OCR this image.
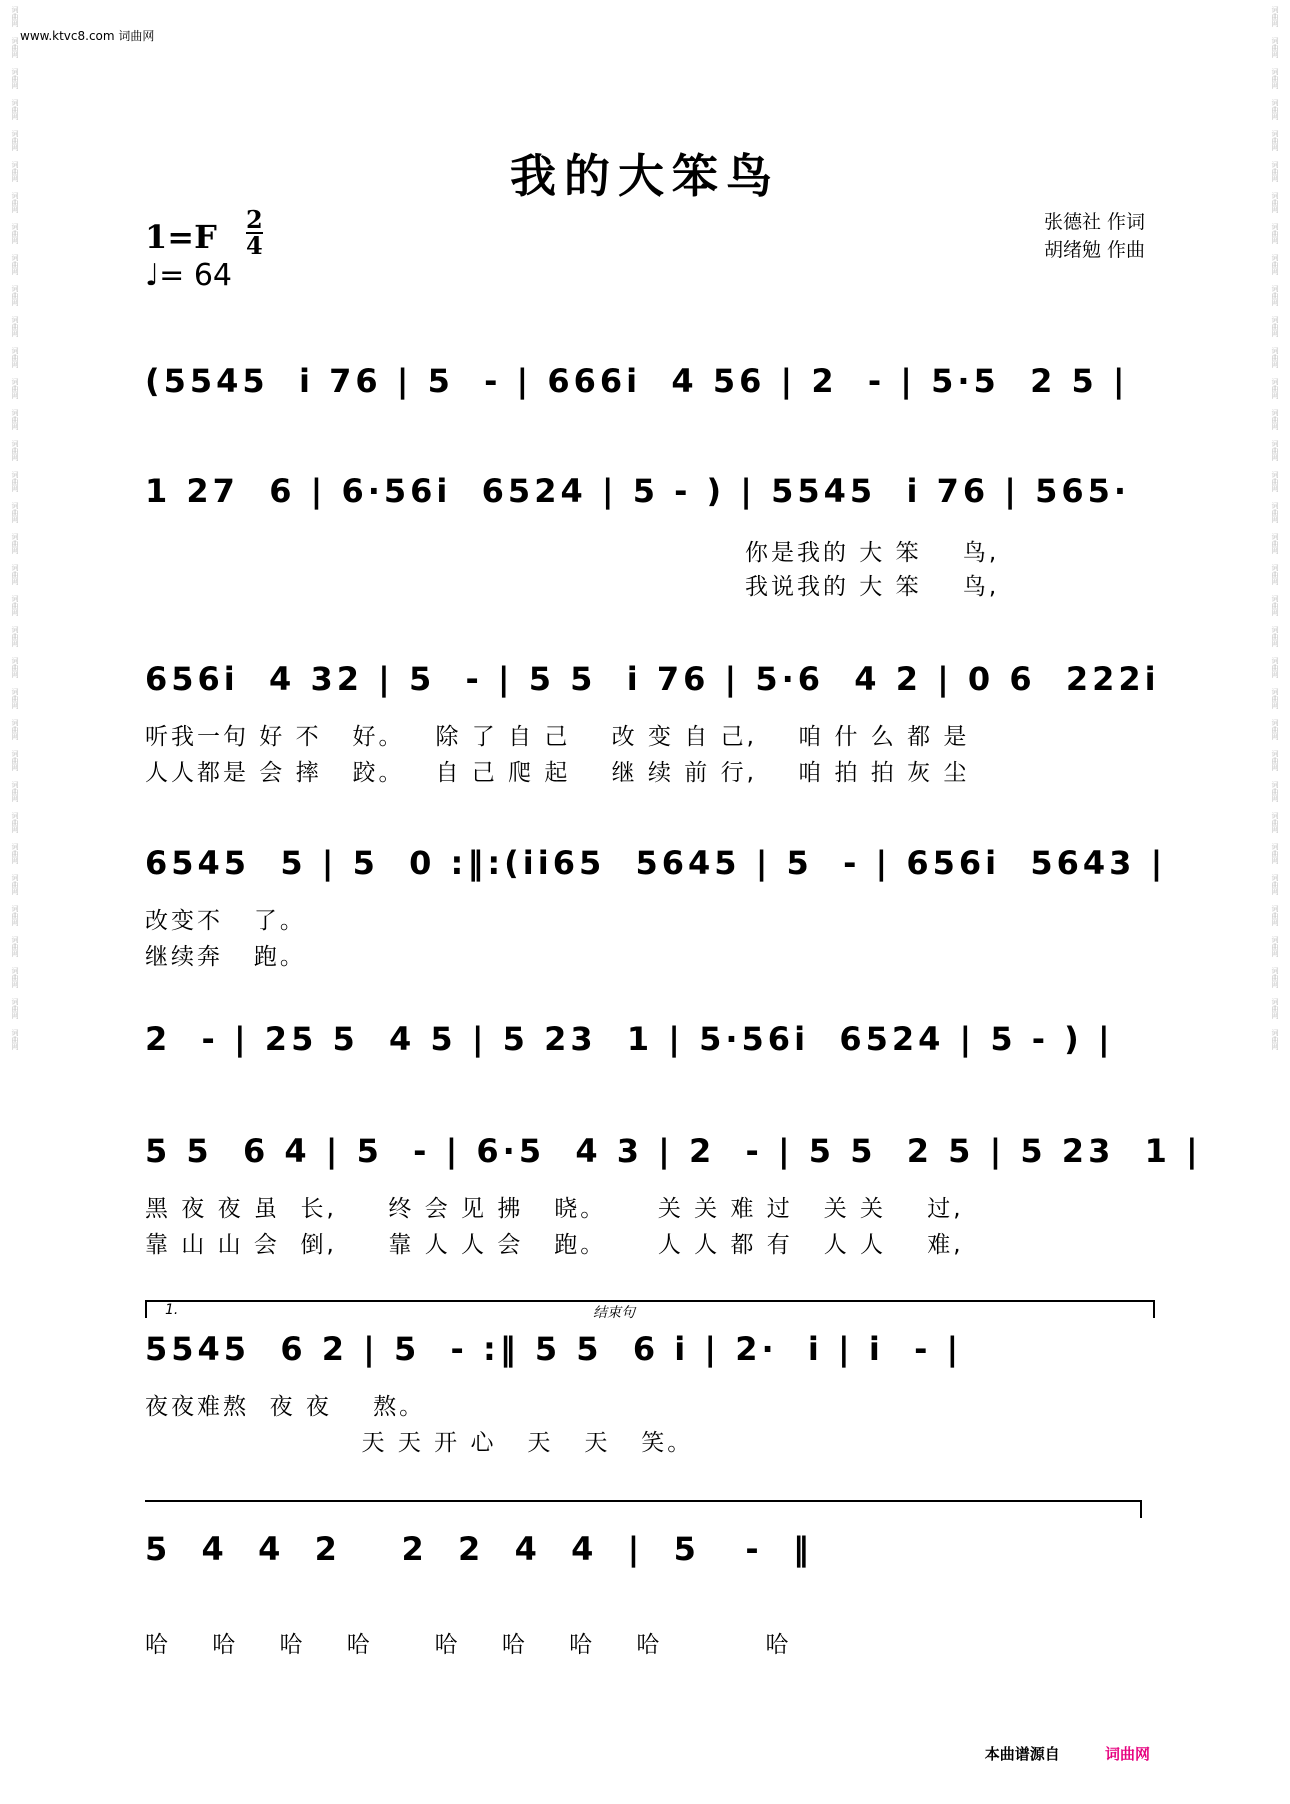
词曲网
词曲网
词曲网
词曲网
词曲网
词曲网
词曲网
词曲网
词曲网
词曲网
词曲网
词曲网
词曲网
词曲网
词曲网
词曲网
词曲网
词曲网
词曲网
词曲网
词曲网
词曲网
词曲网
词曲网
词曲网
词曲网
词曲网
词曲网
词曲网
词曲网
词曲网
词曲网
词曲网
词曲网
词曲网
词曲网
词曲网
词曲网
词曲网
词曲网
词曲网
词曲网
词曲网
词曲网
词曲网
词曲网
词曲网
词曲网
词曲网
词曲网
词曲网
词曲网
词曲网
词曲网
词曲网
词曲网
词曲网
词曲网
词曲网
词曲网
词曲网
词曲网
词曲网
词曲网
词曲网
词曲网
词曲网
词曲网
www.ktvc8.com 词曲网
我的大笨鸟
$1=F \frac{2}{4}$
♩= 64
张德社 作词
胡绪勉 作曲
(5545  i 76 | 5  - | 666i  4 56 | 2  - | 5·5  2 5 |
1 27  6 | 6·56i  6524 | 5 - ) | 5545  i 76 | 565·
你是我的 大 笨    鸟,
我说我的 大 笨    鸟,
656i  4 32 | 5  - | 5 5  i 76 | 5·6  4 2 | 0 6  222i
听我一句 好 不   好。   除 了 自 己    改 变 自 己,    咱 什 么 都 是
人人都是 会 摔   跤。   自 己 爬 起    继 续 前 行,    咱 拍 拍 灰 尘
6545  5 | 5  0 :‖:(ii65  5645 | 5  - | 656i  5643 |
改变不   了。
继续奔   跑。
2  - | 25 5  4 5 | 5 23  1 | 5·56i  6524 | 5 - ) |
5 5  6 4 | 5  - | 6·5  4 3 | 2  - | 5 5  2 5 | 5 23  1 |
黑 夜 夜 虽  长,     终 会 见 拂   晓。     关 关 难 过   关 关    过,
靠 山 山 会  倒,     靠 人 人 会   跑。     人 人 都 有   人 人    难,
1.	结束句
5545  6 2 | 5  - :‖ 5 5  6 i | 2·  i | i  - |
夜夜难熬  夜 夜    熬。
天 天 开 心   天   天   笑。
5  4  4  2    2  2  4  4  |  5   -  ‖
哈    哈    哈    哈      哈    哈    哈    哈          哈
本曲谱源自	词曲网
